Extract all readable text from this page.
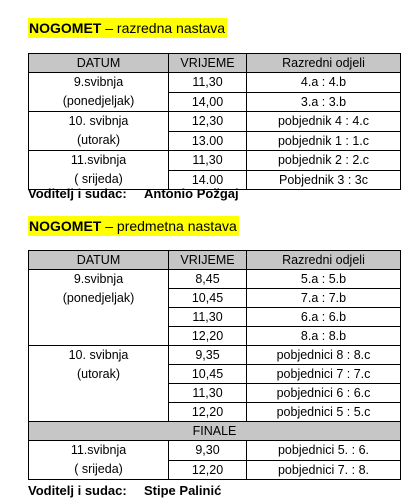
NOGOMET – razredna nastava
DATUM	VRIJEME	Razredni odjeli

9.svibnja
(ponedjeljak)	11,30	4.a : 4.b
	14,00	3.a : 3.b

10. svibnja
(utorak)	12,30	pobjednik 4 : 4.c
	13.00	pobjednik 1 : 1.c

11.svibnja
( srijeda)	11,30	pobjednik 2 : 2.c
	14.00	Pobjednik 3 : 3c
Voditelj i sudac: Antonio Požgaj
NOGOMET – predmetna nastava
DATUM	VRIJEME	Razredni odjeli

9.svibnja
(ponedjeljak)	8,45	5.a : 5.b
	10,45	7.a : 7.b
	11,30	6.a : 6.b
	12,20	8.a : 8.b

10. svibnja
(utorak)	9,35	pobjednici 8 : 8.c
	10,45	pobjednici 7 : 7.c
	11,30	pobjednici 6 : 6.c
	12,20	pobjednici 5 : 5.c
FINALE		

11.svibnja
( srijeda)	9,30	pobjednici 5. : 6.
	12,20	pobjednici 7. : 8.
Voditelj i sudac: Stipe Palinić
